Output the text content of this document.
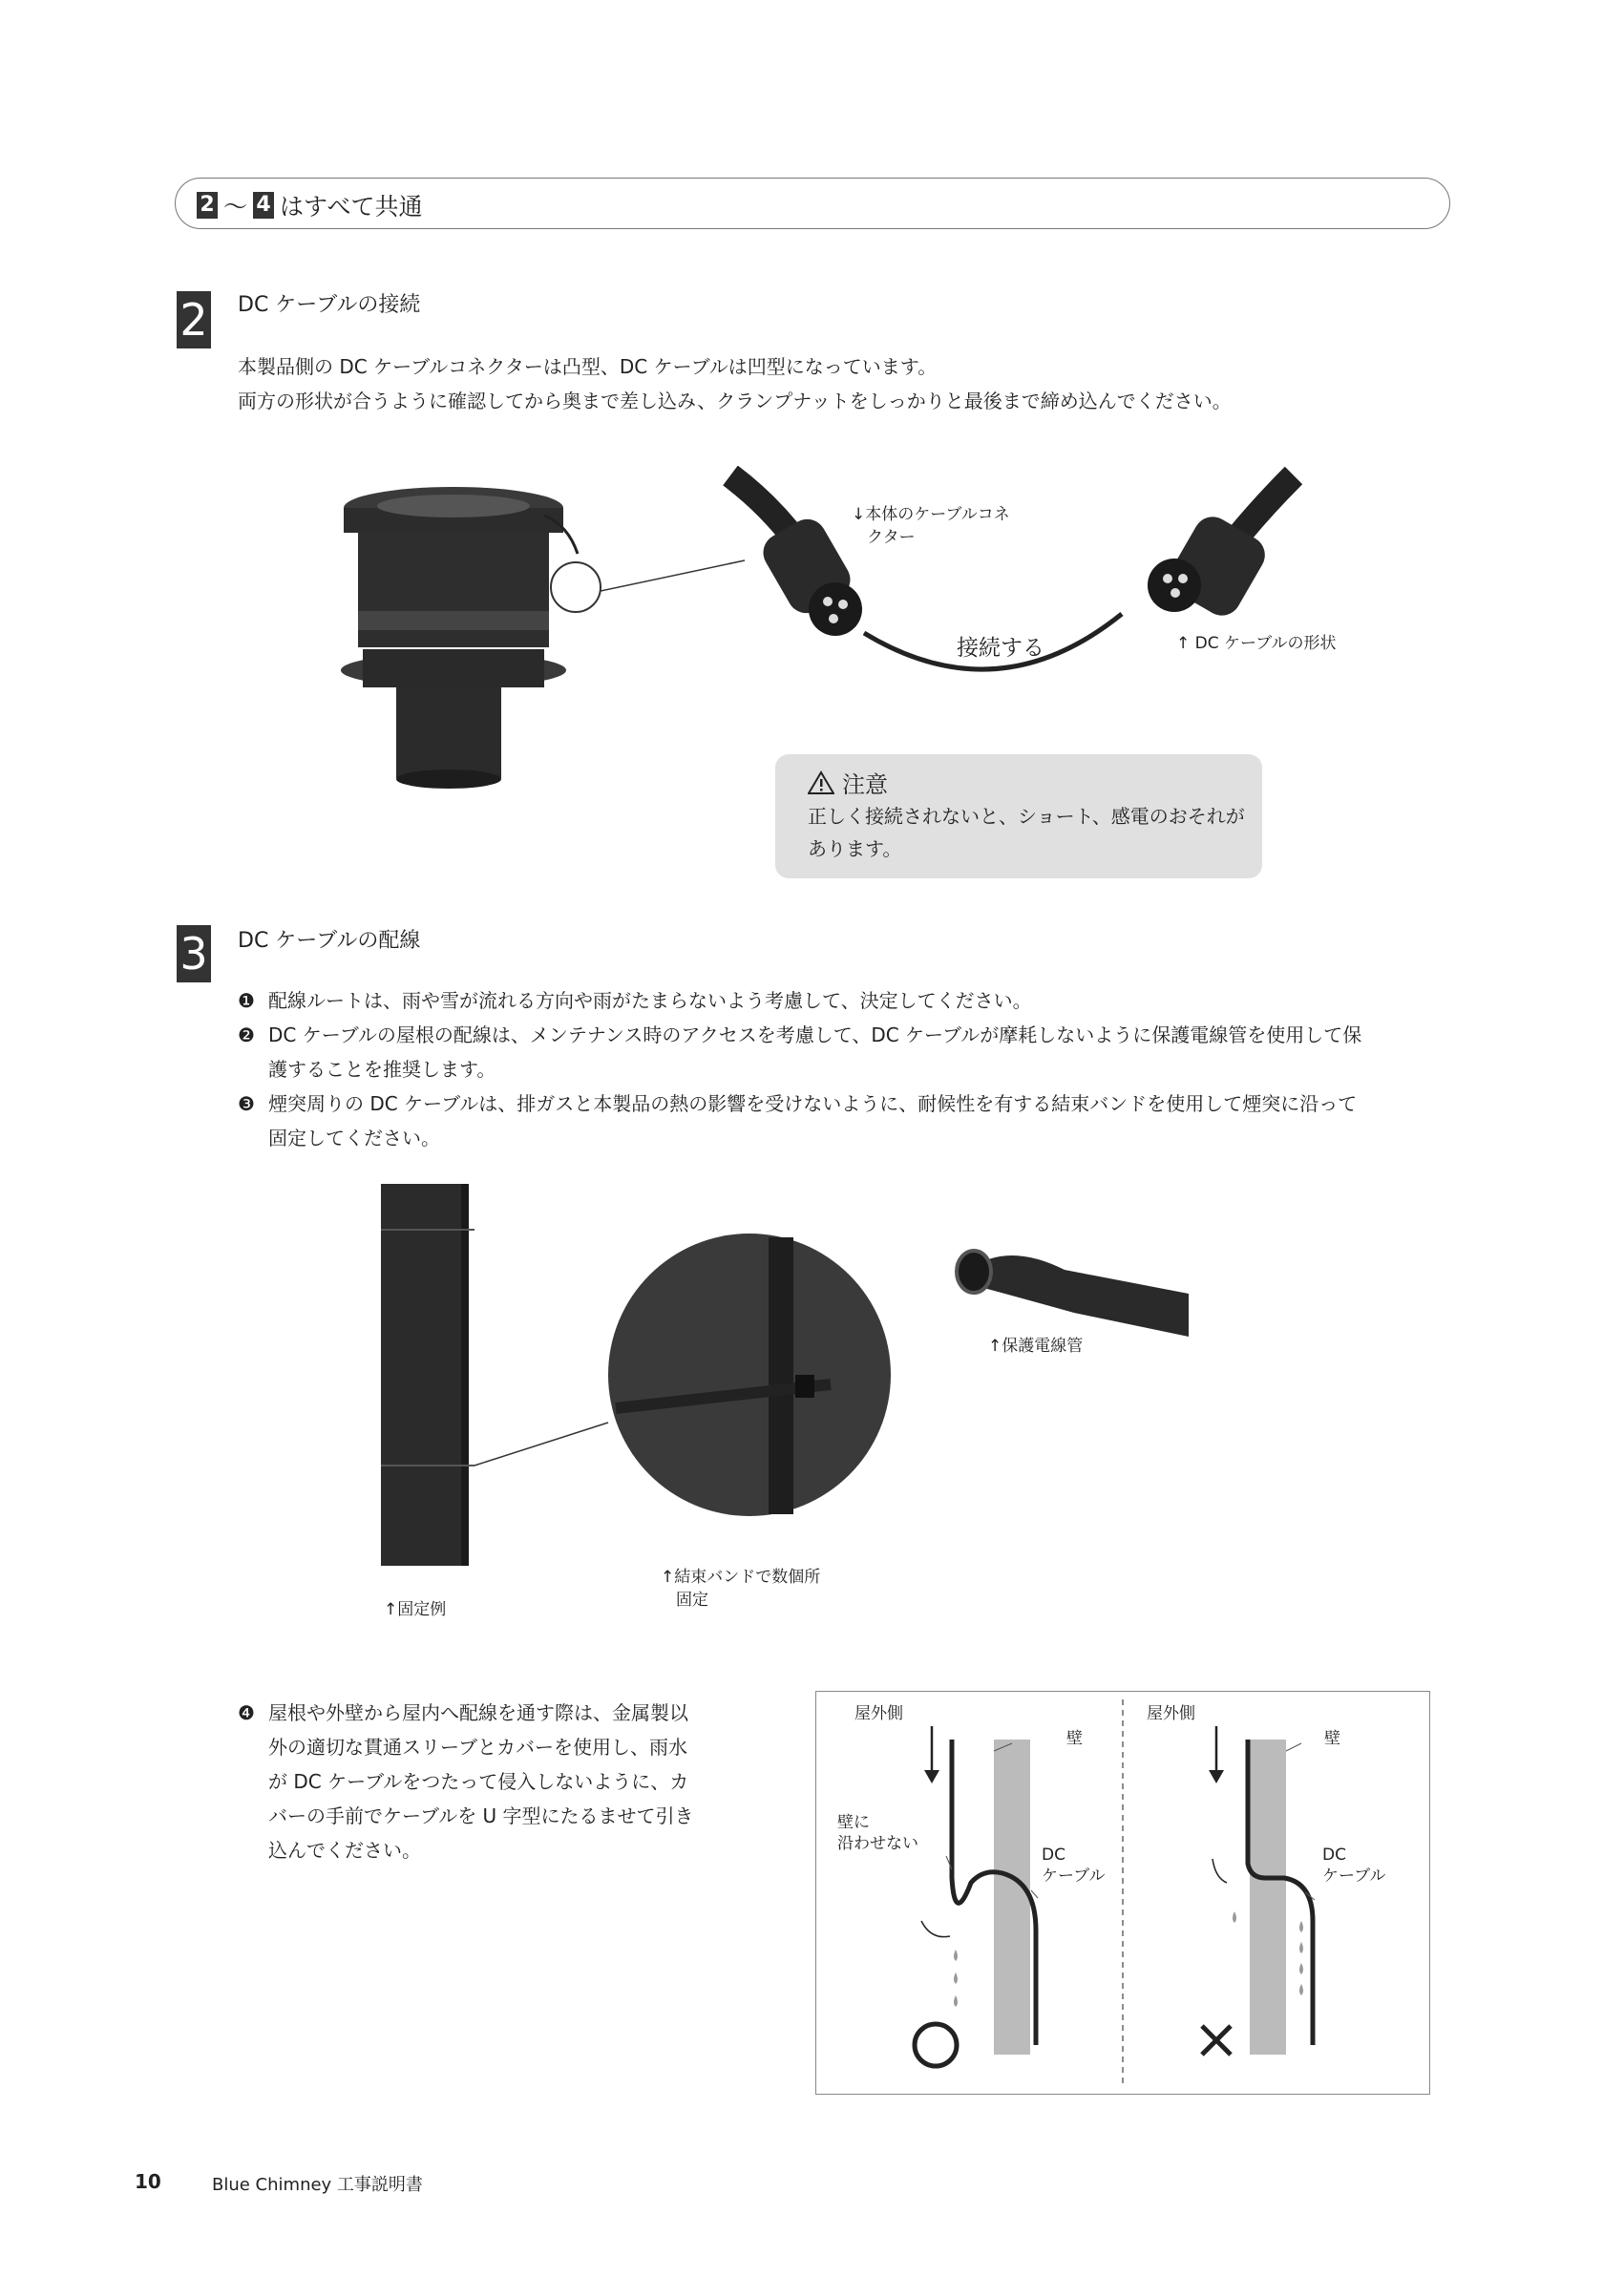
2 ～ 4 はすべて共通
2 DC ケーブルの接続
本製品側の DC ケーブルコネクターは凸型、DC ケーブルは凹型になっています。
両方の形状が合うように確認してから奥まで差し込み、クランプナットをしっかりと最後まで締め込んでください。
↓本体のケーブルコネ
クター
接続する	↑ DC ケーブルの形状
注意
正しく接続されないと、ショート、感電のおそれがあります。
3 DC ケーブルの配線
❶ 配線ルートは、雨や雪が流れる方向や雨がたまらないよう考慮して、決定してください。
❷ DC ケーブルの屋根の配線は、メンテナンス時のアクセスを考慮して、DC ケーブルが摩耗しないように保護電線管を使用して保
護することを推奨します。
❸ 煙突周りの DC ケーブルは、排ガスと本製品の熱の影響を受けないように、耐候性を有する結束バンドを使用して煙突に沿って
固定してください。
↑固定例
↑結束バンドで数個所
固定
↑保護電線管
❹ 屋根や外壁から屋内へ配線を通す際は、金属製以
外の適切な貫通スリーブとカバーを使用し、雨水
が DC ケーブルをつたって侵入しないように、カ
バーの手前でケーブルを U 字型にたるませて引き
込んでください。
屋外側	屋外側
壁	壁
壁に
沿わせない
DC
ケーブル
DC
ケーブル
10	Blue Chimney 工事説明書
